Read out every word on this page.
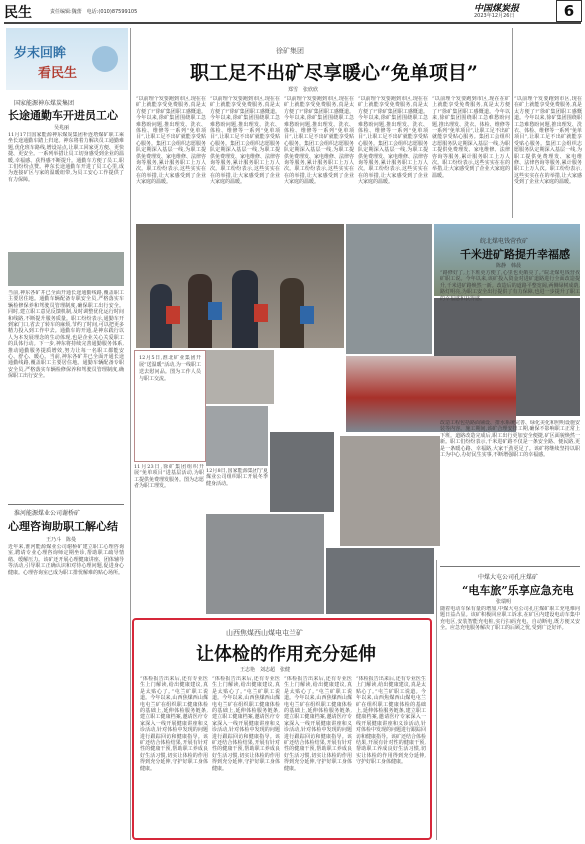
民生	责任编辑:魏蕾　电话:(010)87599105	中国煤炭报
2023年12月26日	6
岁末回眸
看民生
国家能源神东煤炭集团
长途通勤车开进员工心
吴兆丽
11月17日国家能源神东煤炭集团补连塔煤矿职工乘坐长途通勤车踏上归途。神东将着力解决员工通勤难题,优化班车路线,增设站点,让职工回家更方便、更快捷、更安全。一系列举措让员工切身感受到企业的温暖,幸福感、获得感不断提升。通勤车方便了员工,职工们纷纷点赞。神东长途通勤车开进了员工心里,成为连接矿区与家的温暖纽带,为员工安心工作提供了有力保障。
当前,神东各矿井已全面开通长途通勤线路,覆盖职工主要居住地。通勤车辆配备专职安全员,严格落实车辆检修保养和驾驶员管理制度,确保职工出行安全。同时,建立职工意见反馈机制,及时调整优化运行时间和线路,不断提升服务质量。职工纷纷表示,通勤车开到家门口,省去了转车的麻烦,节约了时间,可以把更多精力投入到工作中去。通勤车的开通,是神东践行以人为本发展理念的生动体现,也是企业关心关爱职工的具体行动。下一步,神东将持续完善通勤服务体系,推动通勤服务提质增效,努力让每一名职工都能安心、舒心、暖心。当前,神东各矿井已全面开通长途通勤线路,覆盖职工主要居住地。通勤车辆配备专职安全员,严格落实车辆检修保养和驾驶员管理制度,确保职工出行安全。
淮河能源煤业公司谢桥矿
心理咨询助职工解心结
王乃斗　陈曼
近年来,淮河能源煤业公司谢桥矿建立职工心理咨询室,聘请专业心理咨询师定期坐诊,帮助职工疏导情绪、缓解压力。该矿还开展心理健康讲座、团体辅导等活动,引导职工正确认识和对待心理问题,促进身心健康。心理咨询室已成为职工排忧解难的贴心场所。
徐矿集团
职工足不出矿尽享暖心“免单项目”
郑雪　张欣欣
“以前理个发要跑到市区,现在在矿上就能享受免费服务,真是太方便了!”徐矿集团职工感慨道。今年以来,徐矿集团围绕职工急难愁盼问题,推出理发、洗衣、体检、维修等一系列“免单项目”,让职工足不出矿就能享受贴心服务。集团工会组织志愿服务队定期深入基层一线,为职工提供免费理发、家电维修、法律咨询等服务,累计服务职工上万人次。职工纷纷表示,这些实实在在的举措,让大家感受到了企业大家庭的温暖。
“以前理个发要跑到市区,现在在矿上就能享受免费服务,真是太方便了!”徐矿集团职工感慨道。今年以来,徐矿集团围绕职工急难愁盼问题,推出理发、洗衣、体检、维修等一系列“免单项目”,让职工足不出矿就能享受贴心服务。集团工会组织志愿服务队定期深入基层一线,为职工提供免费理发、家电维修、法律咨询等服务,累计服务职工上万人次。职工纷纷表示,这些实实在在的举措,让大家感受到了企业大家庭的温暖。
“以前理个发要跑到市区,现在在矿上就能享受免费服务,真是太方便了!”徐矿集团职工感慨道。今年以来,徐矿集团围绕职工急难愁盼问题,推出理发、洗衣、体检、维修等一系列“免单项目”,让职工足不出矿就能享受贴心服务。集团工会组织志愿服务队定期深入基层一线,为职工提供免费理发、家电维修、法律咨询等服务,累计服务职工上万人次。职工纷纷表示,这些实实在在的举措,让大家感受到了企业大家庭的温暖。
“以前理个发要跑到市区,现在在矿上就能享受免费服务,真是太方便了!”徐矿集团职工感慨道。今年以来,徐矿集团围绕职工急难愁盼问题,推出理发、洗衣、体检、维修等一系列“免单项目”,让职工足不出矿就能享受贴心服务。集团工会组织志愿服务队定期深入基层一线,为职工提供免费理发、家电维修、法律咨询等服务,累计服务职工上万人次。职工纷纷表示,这些实实在在的举措,让大家感受到了企业大家庭的温暖。
“以前理个发要跑到市区,现在在矿上就能享受免费服务,真是太方便了!”徐矿集团职工感慨道。今年以来,徐矿集团围绕职工急难愁盼问题,推出理发、洗衣、体检、维修等一系列“免单项目”,让职工足不出矿就能享受贴心服务。集团工会组织志愿服务队定期深入基层一线,为职工提供免费理发、家电维修、法律咨询等服务,累计服务职工上万人次。职工纷纷表示,这些实实在在的举措,让大家感受到了企业大家庭的温暖。
12月5日,淮北矿业集团开展“送温暖”活动,为一线职工送去慰问品。图为工作人员与职工交流。
12月8日,国家能源集团宁夏煤业公司组织职工开展冬季健身活动。
11月23日,徐矿集团组织开展“免单项目”进基层活动,为职工提供免费理发服务。图为志愿者为职工理发。
“以前理个发要跑到市区,现在在矿上就能享受免费服务,真是太方便了!”徐矿集团职工感慨道。今年以来,徐矿集团围绕职工急难愁盼问题,推出理发、洗衣、体检、维修等一系列“免单项目”,让职工足不出矿就能享受贴心服务。集团工会组织志愿服务队定期深入基层一线,为职工提供免费理发、家电维修、法律咨询等服务,累计服务职工上万人次。职工纷纷表示,这些实实在在的举措,让大家感受到了企业大家庭的温暖。
皖北煤电钱营孜矿
千米进矿路提升幸福感
陈静　韩晨
“路修好了,上下班更方便了,心里也更敞亮了。”皖北煤电钱营孜矿职工说。今年以来,该矿投入资金对进矿道路进行全面改造提升,千米进矿路焕然一新。改造后的道路平整宽阔,两侧绿树成荫,路灯明亮,为职工安全出行提供了有力保障,也进一步提升了职工的幸福感和获得感。
改造工程包括路面铺设、排水系统完善、绿化美化和照明设施安装等内容。施工期间,该矿合理安排工期,确保不影响职工正常上下班。道路改造完成后,职工出行更加安全便捷,矿区面貌焕然一新。职工们纷纷表示,千米进矿路不仅是一条安全路、便民路,更是一条暖心路、幸福路,大家干劲更足了。该矿将继续坚持以职工为中心,办好民生实事,不断增强职工的幸福感。
中煤大屯公司孔庄煤矿
“电车旅”乐享应急充电
张瑞明
随着电动车保有量的增加,中煤大屯公司孔庄煤矿职工充电难问题日益凸显。该矿积极回应职工诉求,在矿区内建设电动车集中充电区,安装智能充电桩,实行扫码充电、自动断电,既方便又安全。应急充电服务解决了职工的后顾之忧,受到广泛好评。
山西焦煤西山煤电屯兰矿
让体检的作用充分延伸
王志艳　刘志超　张健
“体检报告出来后,还有专业医生上门解读,给出健康建议,真是太贴心了。”屯兰矿职工说道。今年以来,山西焦煤西山煤电屯兰矿在组织职工健康体检的基础上,延伸体检服务链条,建立职工健康档案,邀请医疗专家深入一线开展健康讲座和义诊活动,针对体检中发现的问题进行跟踪回访和健康指导。该矿还结合体检结果,开展有针对性的健康干预,帮助职工养成良好生活习惯,切实让体检的作用得到充分延伸,守护好职工身体健康。
“体检报告出来后,还有专业医生上门解读,给出健康建议,真是太贴心了。”屯兰矿职工说道。今年以来,山西焦煤西山煤电屯兰矿在组织职工健康体检的基础上,延伸体检服务链条,建立职工健康档案,邀请医疗专家深入一线开展健康讲座和义诊活动,针对体检中发现的问题进行跟踪回访和健康指导。该矿还结合体检结果,开展有针对性的健康干预,帮助职工养成良好生活习惯,切实让体检的作用得到充分延伸,守护好职工身体健康。
“体检报告出来后,还有专业医生上门解读,给出健康建议,真是太贴心了。”屯兰矿职工说道。今年以来,山西焦煤西山煤电屯兰矿在组织职工健康体检的基础上,延伸体检服务链条,建立职工健康档案,邀请医疗专家深入一线开展健康讲座和义诊活动,针对体检中发现的问题进行跟踪回访和健康指导。该矿还结合体检结果,开展有针对性的健康干预,帮助职工养成良好生活习惯,切实让体检的作用得到充分延伸,守护好职工身体健康。
“体检报告出来后,还有专业医生上门解读,给出健康建议,真是太贴心了。”屯兰矿职工说道。今年以来,山西焦煤西山煤电屯兰矿在组织职工健康体检的基础上,延伸体检服务链条,建立职工健康档案,邀请医疗专家深入一线开展健康讲座和义诊活动,针对体检中发现的问题进行跟踪回访和健康指导。该矿还结合体检结果,开展有针对性的健康干预,帮助职工养成良好生活习惯,切实让体检的作用得到充分延伸,守护好职工身体健康。
